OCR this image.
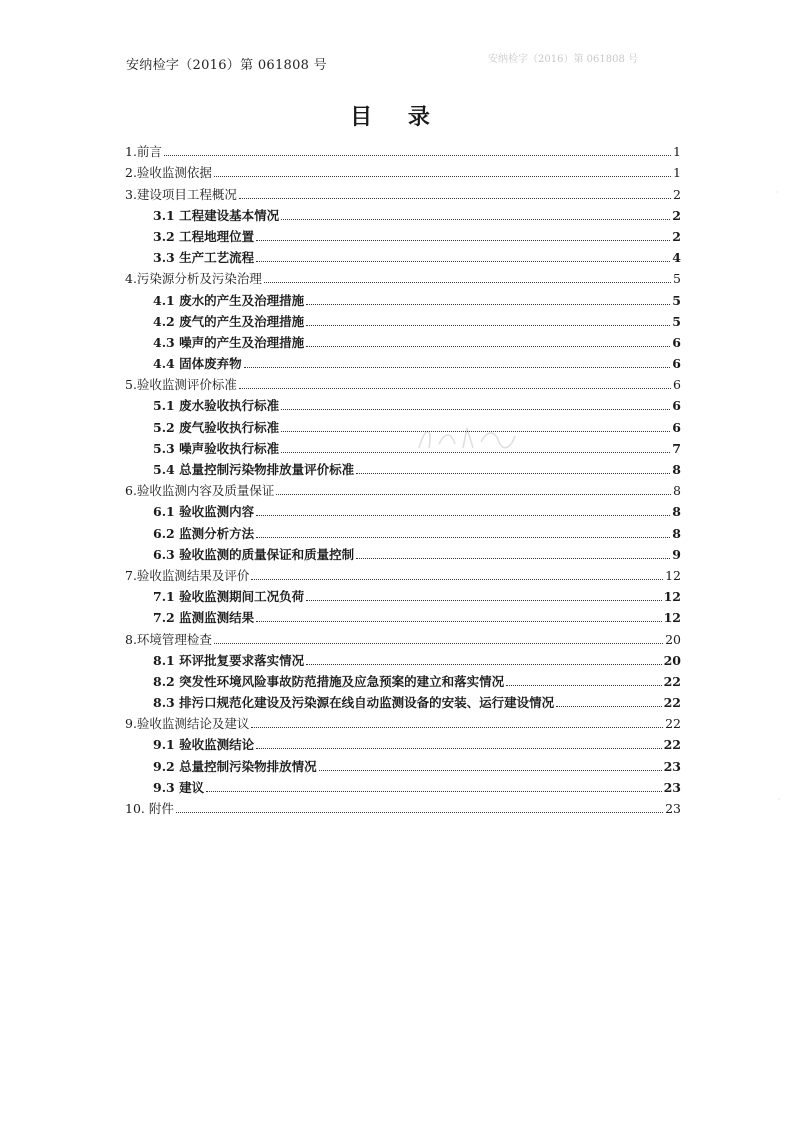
安纳检字（2016）第 061808 号	安纳检字（2016）第 061808 号
目 录
1.前言	1
2.验收监测依据	1
3.建设项目工程概况	2
3.1 工程建设基本情况	2
3.2 工程地理位置	2
3.3 生产工艺流程	4
4.污染源分析及污染治理	5
4.1 废水的产生及治理措施	5
4.2 废气的产生及治理措施	5
4.3 噪声的产生及治理措施	6
4.4 固体废弃物	6
5.验收监测评价标准	6
5.1 废水验收执行标准	6
5.2 废气验收执行标准	6
5.3 噪声验收执行标准	7
5.4 总量控制污染物排放量评价标准	8
6.验收监测内容及质量保证	8
6.1 验收监测内容	8
6.2 监测分析方法	8
6.3 验收监测的质量保证和质量控制	9
7.验收监测结果及评价	12
7.1 验收监测期间工况负荷	12
7.2 监测监测结果	12
8.环境管理检查	20
8.1 环评批复要求落实情况	20
8.2 突发性环境风险事故防范措施及应急预案的建立和落实情况	22
8.3 排污口规范化建设及污染源在线自动监测设备的安装、运行建设情况	22
9.验收监测结论及建议	22
9.1 验收监测结论	22
9.2 总量控制污染物排放情况	23
9.3 建议	23
10. 附件	23
·
·
